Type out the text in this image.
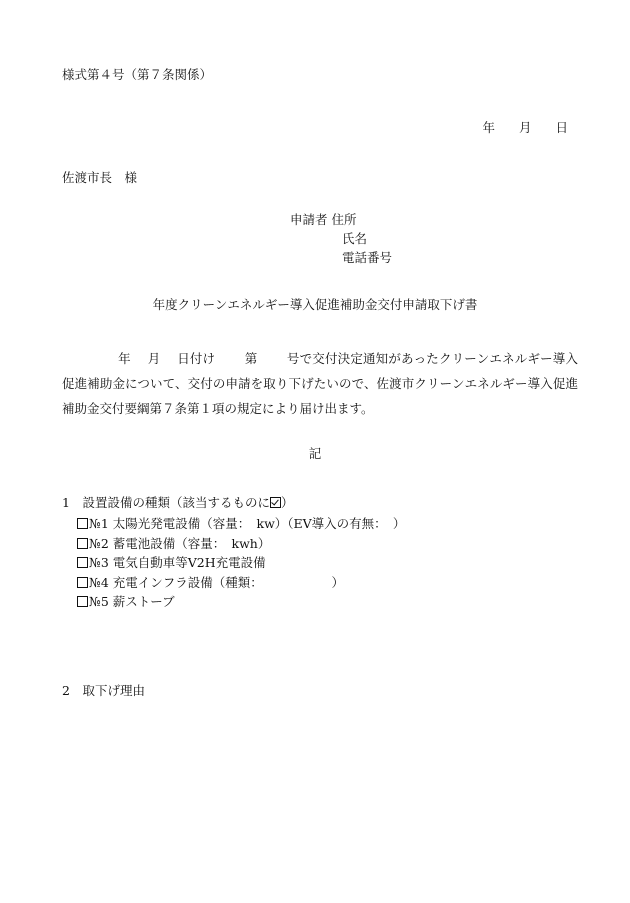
様式第４号（第７条関係）
年 月 日
佐渡市長　様
申請者 住所
氏名
電話番号
年度クリーンエネルギー導入促進補助金交付申請取下げ書
年　 月　 日付け　　 第　　 号で交付決定通知があったクリーンエネルギー導入促進補助金について、交付の申請を取り下げたいので、佐渡市クリーンエネルギー導入促進補助金交付要綱第７条第１項の規定により届け出ます。
記
1　設置設備の種類（該当するものに ）
№1 太陽光発電設備（容量：　kw）（EV導入の有無：　）
№2 蓄電池設備（容量：　kwh）
№3 電気自動車等V2H充電設備
№4 充電インフラ設備（種類：　　　　　　）
№5 薪ストーブ
2　取下げ理由
